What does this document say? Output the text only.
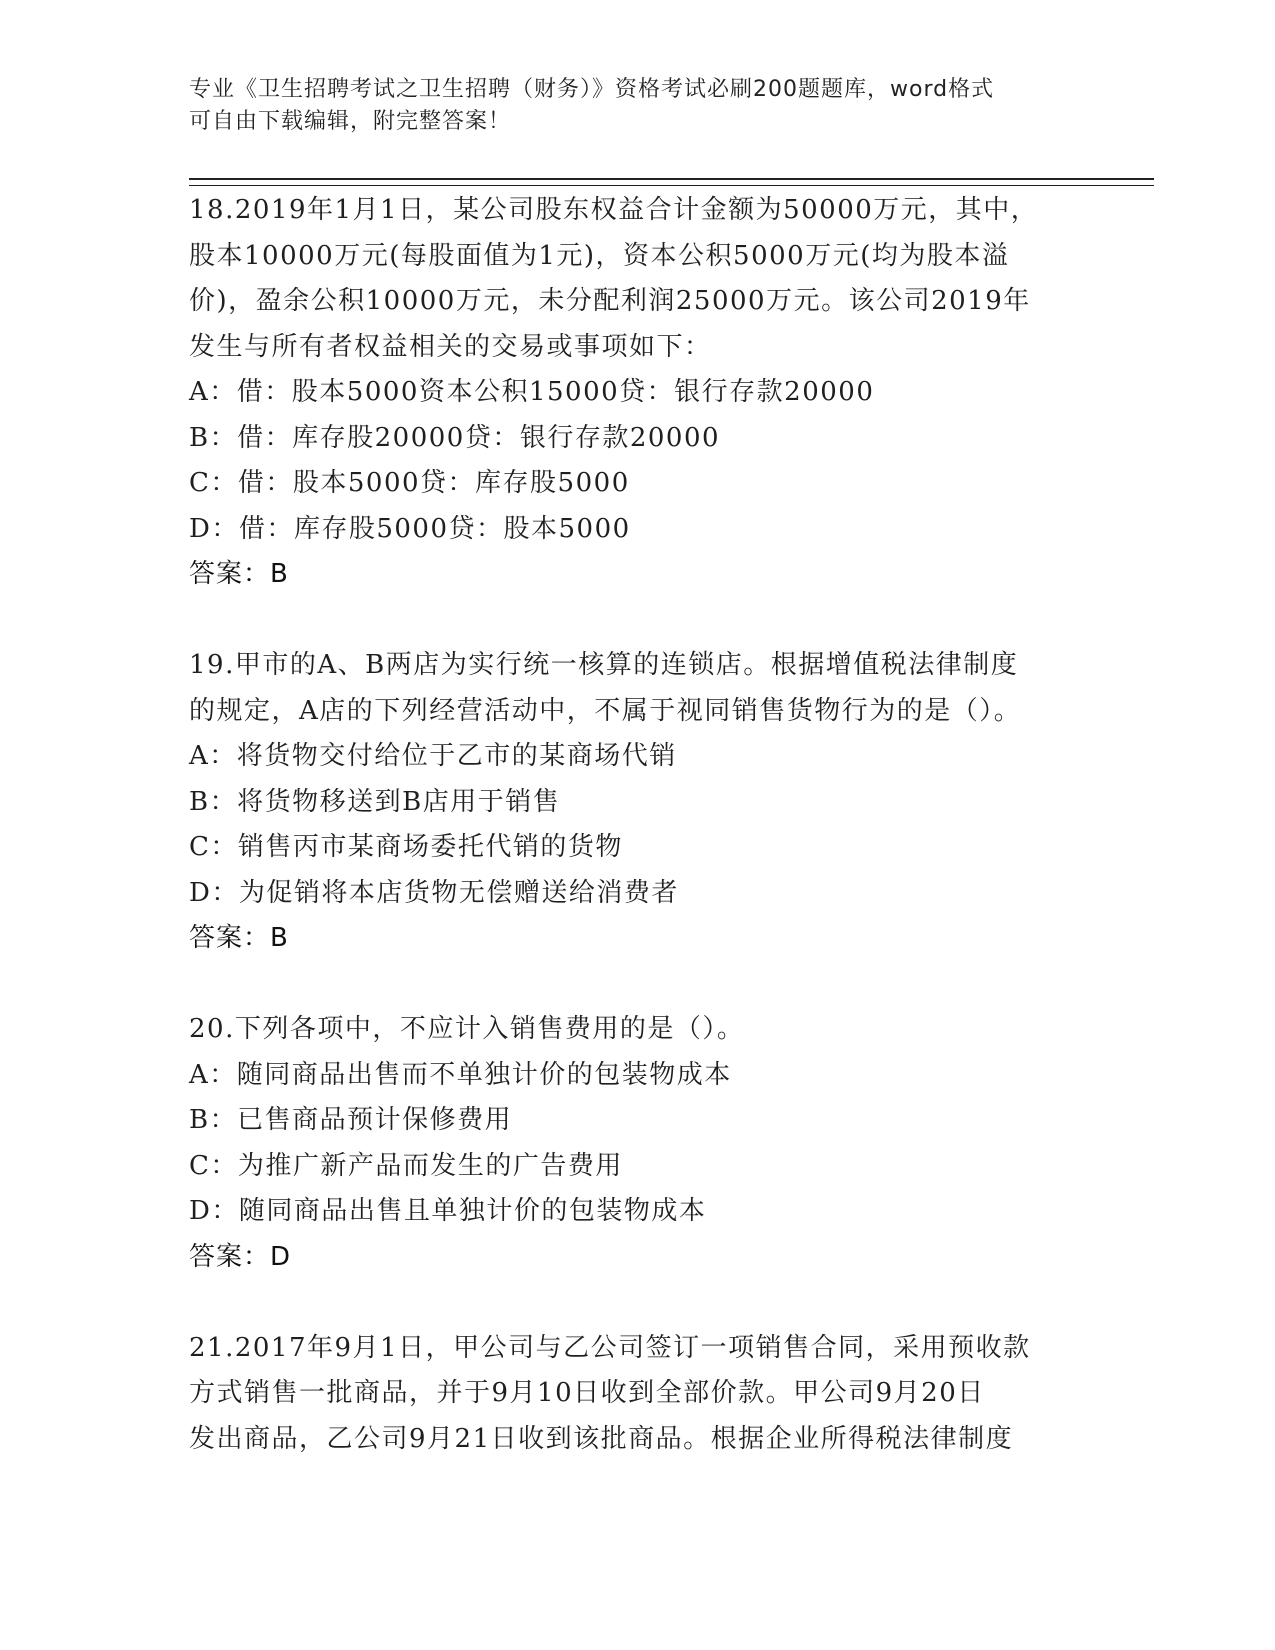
专业《卫生招聘考试之卫生招聘（财务）》资格考试必刷200题题库，word格式
可自由下载编辑，附完整答案！
18.2019年1月1日，某公司股东权益合计金额为50000万元，其中，
股本10000万元(每股面值为1元)，资本公积5000万元(均为股本溢
价)，盈余公积10000万元，未分配利润25000万元。该公司2019年
发生与所有者权益相关的交易或事项如下：
A：借：股本5000资本公积15000贷：银行存款20000
B：借：库存股20000贷：银行存款20000
C：借：股本5000贷：库存股5000
D：借：库存股5000贷：股本5000
答案：B
19.甲市的A、B两店为实行统一核算的连锁店。根据增值税法律制度
的规定，A店的下列经营活动中，不属于视同销售货物行为的是（）。
A：将货物交付给位于乙市的某商场代销
B：将货物移送到B店用于销售
C：销售丙市某商场委托代销的货物
D：为促销将本店货物无偿赠送给消费者
答案：B
20.下列各项中，不应计入销售费用的是（）。
A：随同商品出售而不单独计价的包装物成本
B：已售商品预计保修费用
C：为推广新产品而发生的广告费用
D：随同商品出售且单独计价的包装物成本
答案：D
21.2017年9月1日，甲公司与乙公司签订一项销售合同，采用预收款
方式销售一批商品，并于9月10日收到全部价款。甲公司9月20日
发出商品，乙公司9月21日收到该批商品。根据企业所得税法律制度
